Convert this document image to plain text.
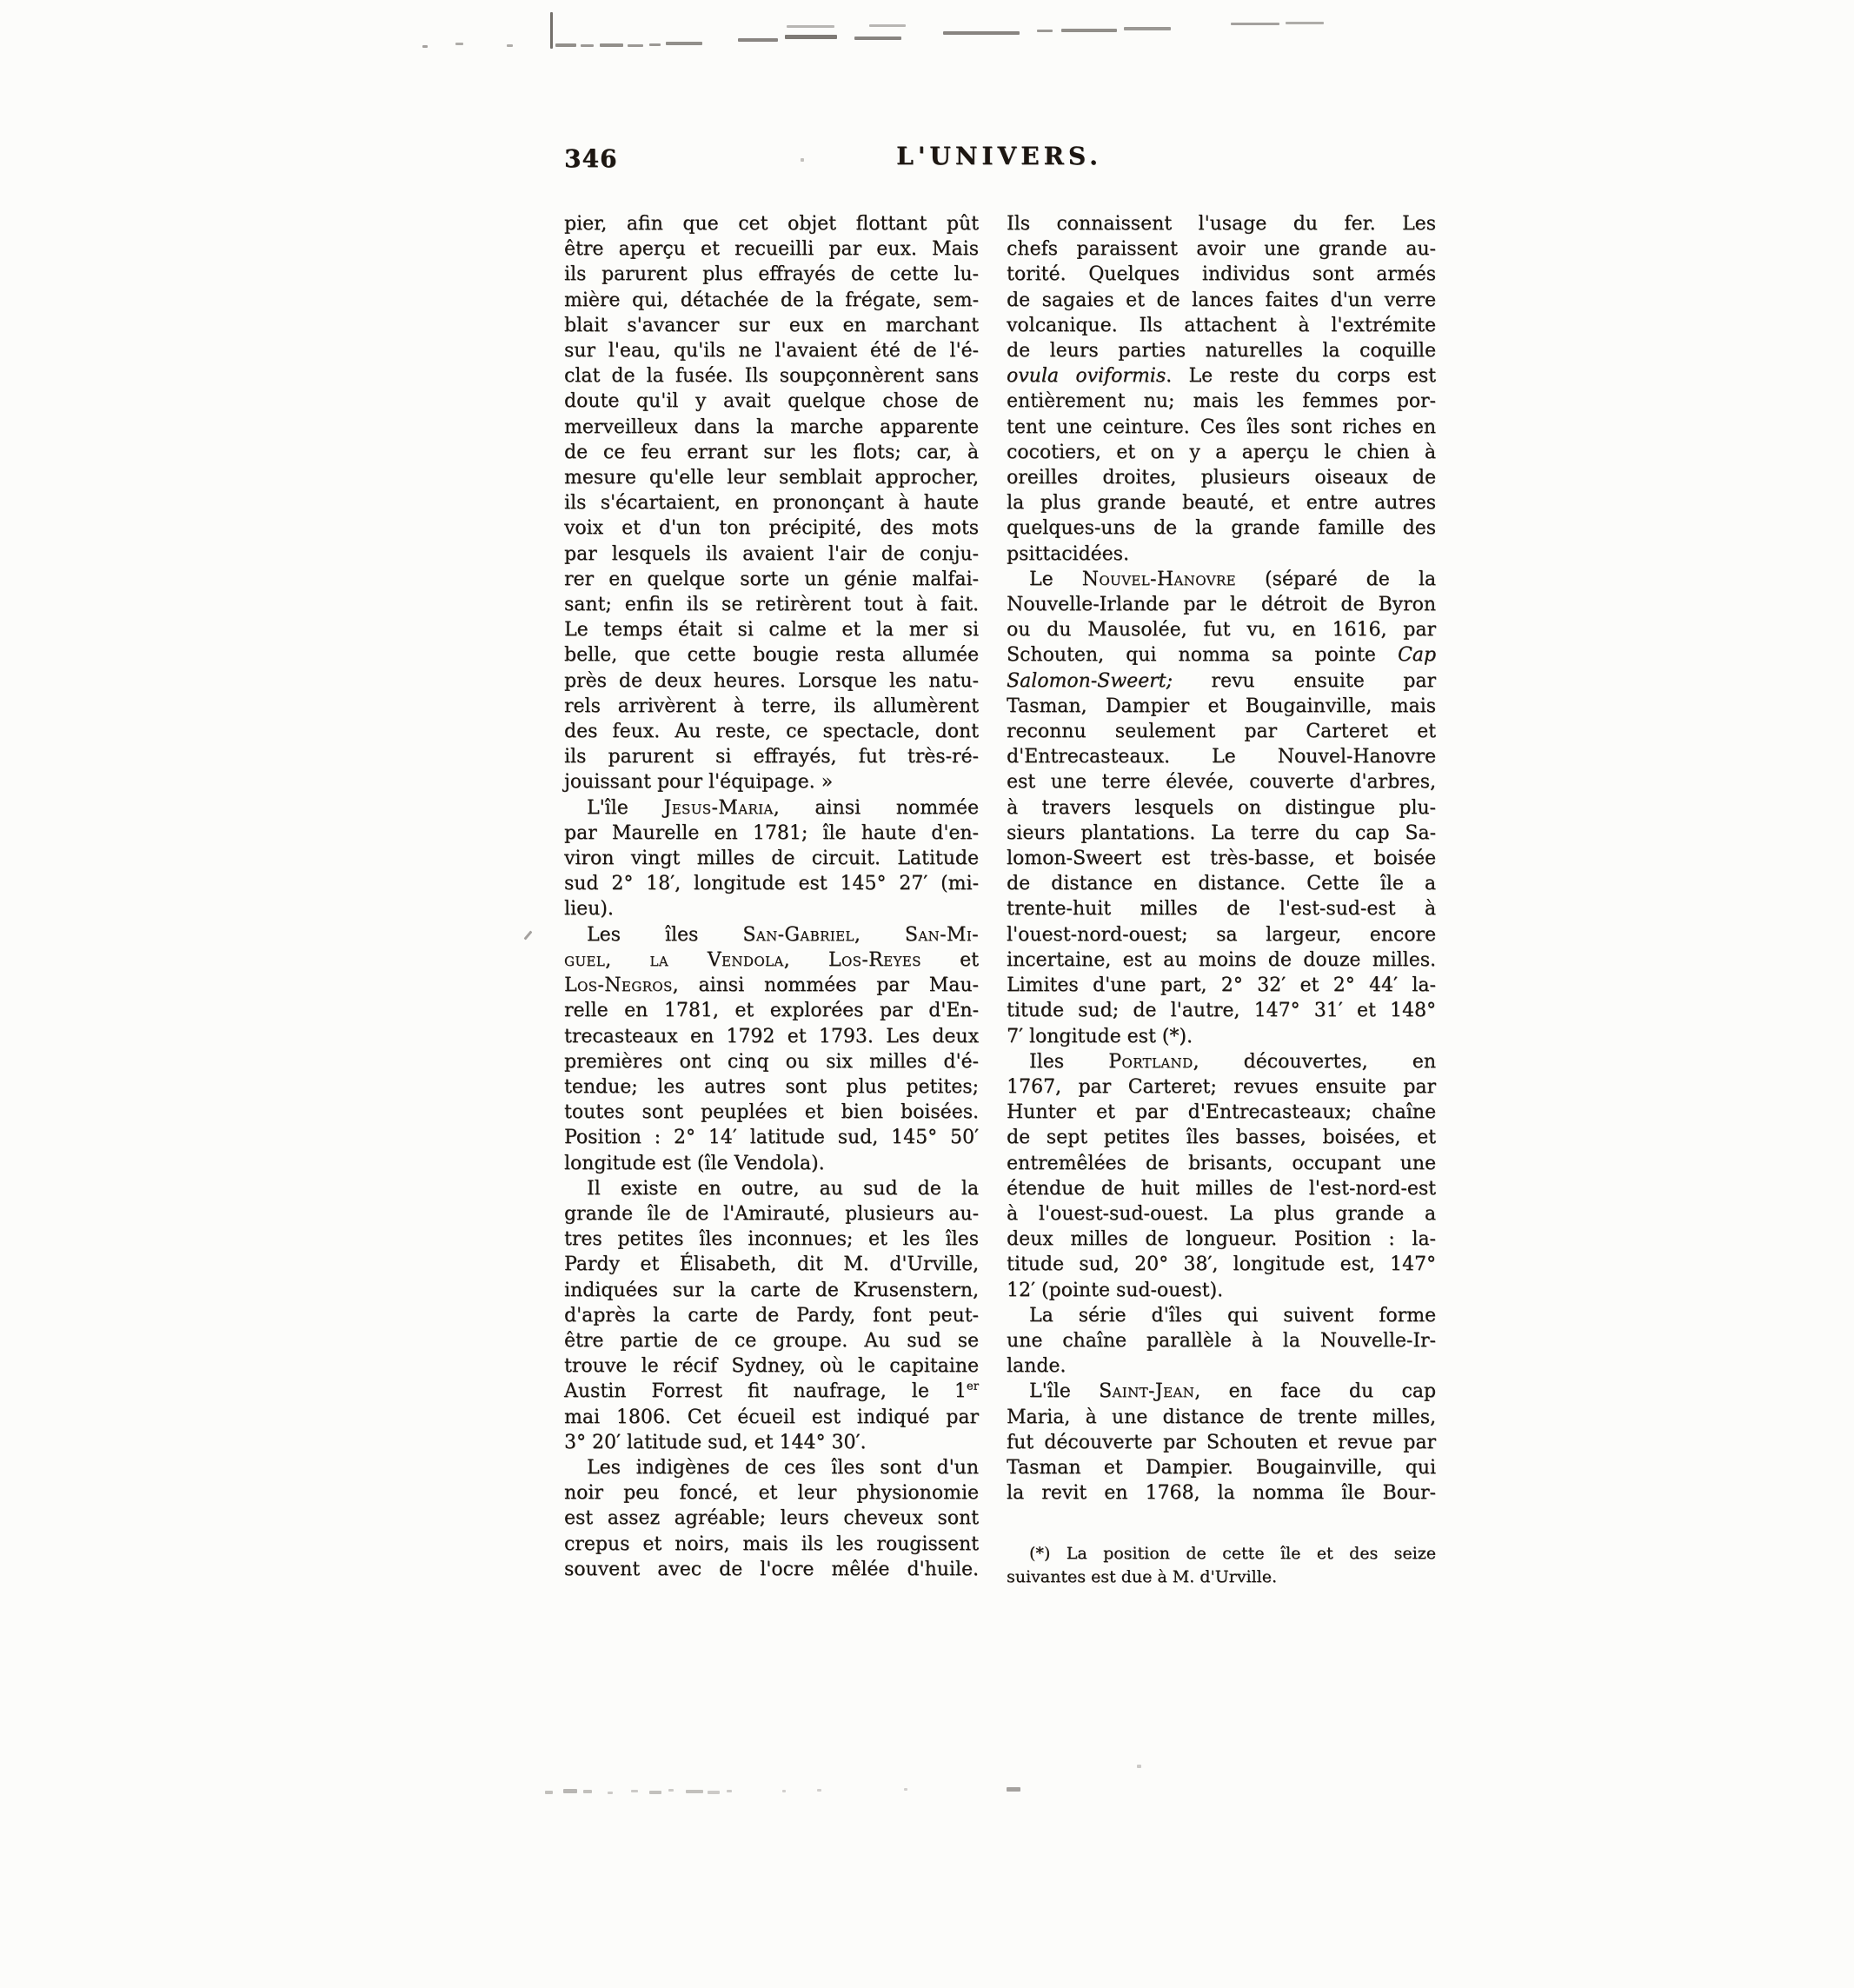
346	L'UNIVERS.
pier, afin que cet objet flottant pût
être aperçu et recueilli par eux. Mais
ils parurent plus effrayés de cette lu-
mière qui, détachée de la frégate, sem-
blait s'avancer sur eux en marchant
sur l'eau, qu'ils ne l'avaient été de l'é-
clat de la fusée. Ils soupçonnèrent sans
doute qu'il y avait quelque chose de
merveilleux dans la marche apparente
de ce feu errant sur les flots; car, à
mesure qu'elle leur semblait approcher,
ils s'écartaient, en prononçant à haute
voix et d'un ton précipité, des mots
par lesquels ils avaient l'air de conju-
rer en quelque sorte un génie malfai-
sant; enfin ils se retirèrent tout à fait.
Le temps était si calme et la mer si
belle, que cette bougie resta allumée
près de deux heures. Lorsque les natu-
rels arrivèrent à terre, ils allumèrent
des feux. Au reste, ce spectacle, dont
ils parurent si effrayés, fut très-ré-
jouissant pour l'équipage. »
L'île Jesus-Maria, ainsi nommée
par Maurelle en 1781; île haute d'en-
viron vingt milles de circuit. Latitude
sud 2° 18′, longitude est 145° 27′ (mi-
lieu).
Les îles San-Gabriel, San-Mi-
guel, la Vendola, Los-Reyes et
Los-Negros, ainsi nommées par Mau-
relle en 1781, et explorées par d'En-
trecasteaux en 1792 et 1793. Les deux
premières ont cinq ou six milles d'é-
tendue; les autres sont plus petites;
toutes sont peuplées et bien boisées.
Position : 2° 14′ latitude sud, 145° 50′
longitude est (île Vendola).
Il existe en outre, au sud de la
grande île de l'Amirauté, plusieurs au-
tres petites îles inconnues; et les îles
Pardy et Élisabeth, dit M. d'Urville,
indiquées sur la carte de Krusenstern,
d'après la carte de Pardy, font peut-
être partie de ce groupe. Au sud se
trouve le récif Sydney, où le capitaine
Austin Forrest fit naufrage, le 1er
mai 1806. Cet écueil est indiqué par
3° 20′ latitude sud, et 144° 30′.
Les indigènes de ces îles sont d'un
noir peu foncé, et leur physionomie
est assez agréable; leurs cheveux sont
crepus et noirs, mais ils les rougissent
souvent avec de l'ocre mêlée d'huile.
Ils connaissent l'usage du fer. Les
chefs paraissent avoir une grande au-
torité. Quelques individus sont armés
de sagaies et de lances faites d'un verre
volcanique. Ils attachent à l'extrémite
de leurs parties naturelles la coquille
ovula oviformis. Le reste du corps est
entièrement nu; mais les femmes por-
tent une ceinture. Ces îles sont riches en
cocotiers, et on y a aperçu le chien à
oreilles droites, plusieurs oiseaux de
la plus grande beauté, et entre autres
quelques-uns de la grande famille des
psittacidées.
Le Nouvel-Hanovre (séparé de la
Nouvelle-Irlande par le détroit de Byron
ou du Mausolée, fut vu, en 1616, par
Schouten, qui nomma sa pointe Cap
Salomon-Sweert; revu ensuite par
Tasman, Dampier et Bougainville, mais
reconnu seulement par Carteret et
d'Entrecasteaux. Le Nouvel-Hanovre
est une terre élevée, couverte d'arbres,
à travers lesquels on distingue plu-
sieurs plantations. La terre du cap Sa-
lomon-Sweert est très-basse, et boisée
de distance en distance. Cette île a
trente-huit milles de l'est-sud-est à
l'ouest-nord-ouest; sa largeur, encore
incertaine, est au moins de douze milles.
Limites d'une part, 2° 32′ et 2° 44′ la-
titude sud; de l'autre, 147° 31′ et 148°
7′ longitude est (*).
Iles Portland, découvertes, en
1767, par Carteret; revues ensuite par
Hunter et par d'Entrecasteaux; chaîne
de sept petites îles basses, boisées, et
entremêlées de brisants, occupant une
étendue de huit milles de l'est-nord-est
à l'ouest-sud-ouest. La plus grande a
deux milles de longueur. Position : la-
titude sud, 20° 38′, longitude est, 147°
12′ (pointe sud-ouest).
La série d'îles qui suivent forme
une chaîne parallèle à la Nouvelle-Ir-
lande.
L'île Saint-Jean, en face du cap
Maria, à une distance de trente milles,
fut découverte par Schouten et revue par
Tasman et Dampier. Bougainville, qui
la revit en 1768, la nomma île Bour-
(*) La position de cette île et des seize
suivantes est due à M. d'Urville.
